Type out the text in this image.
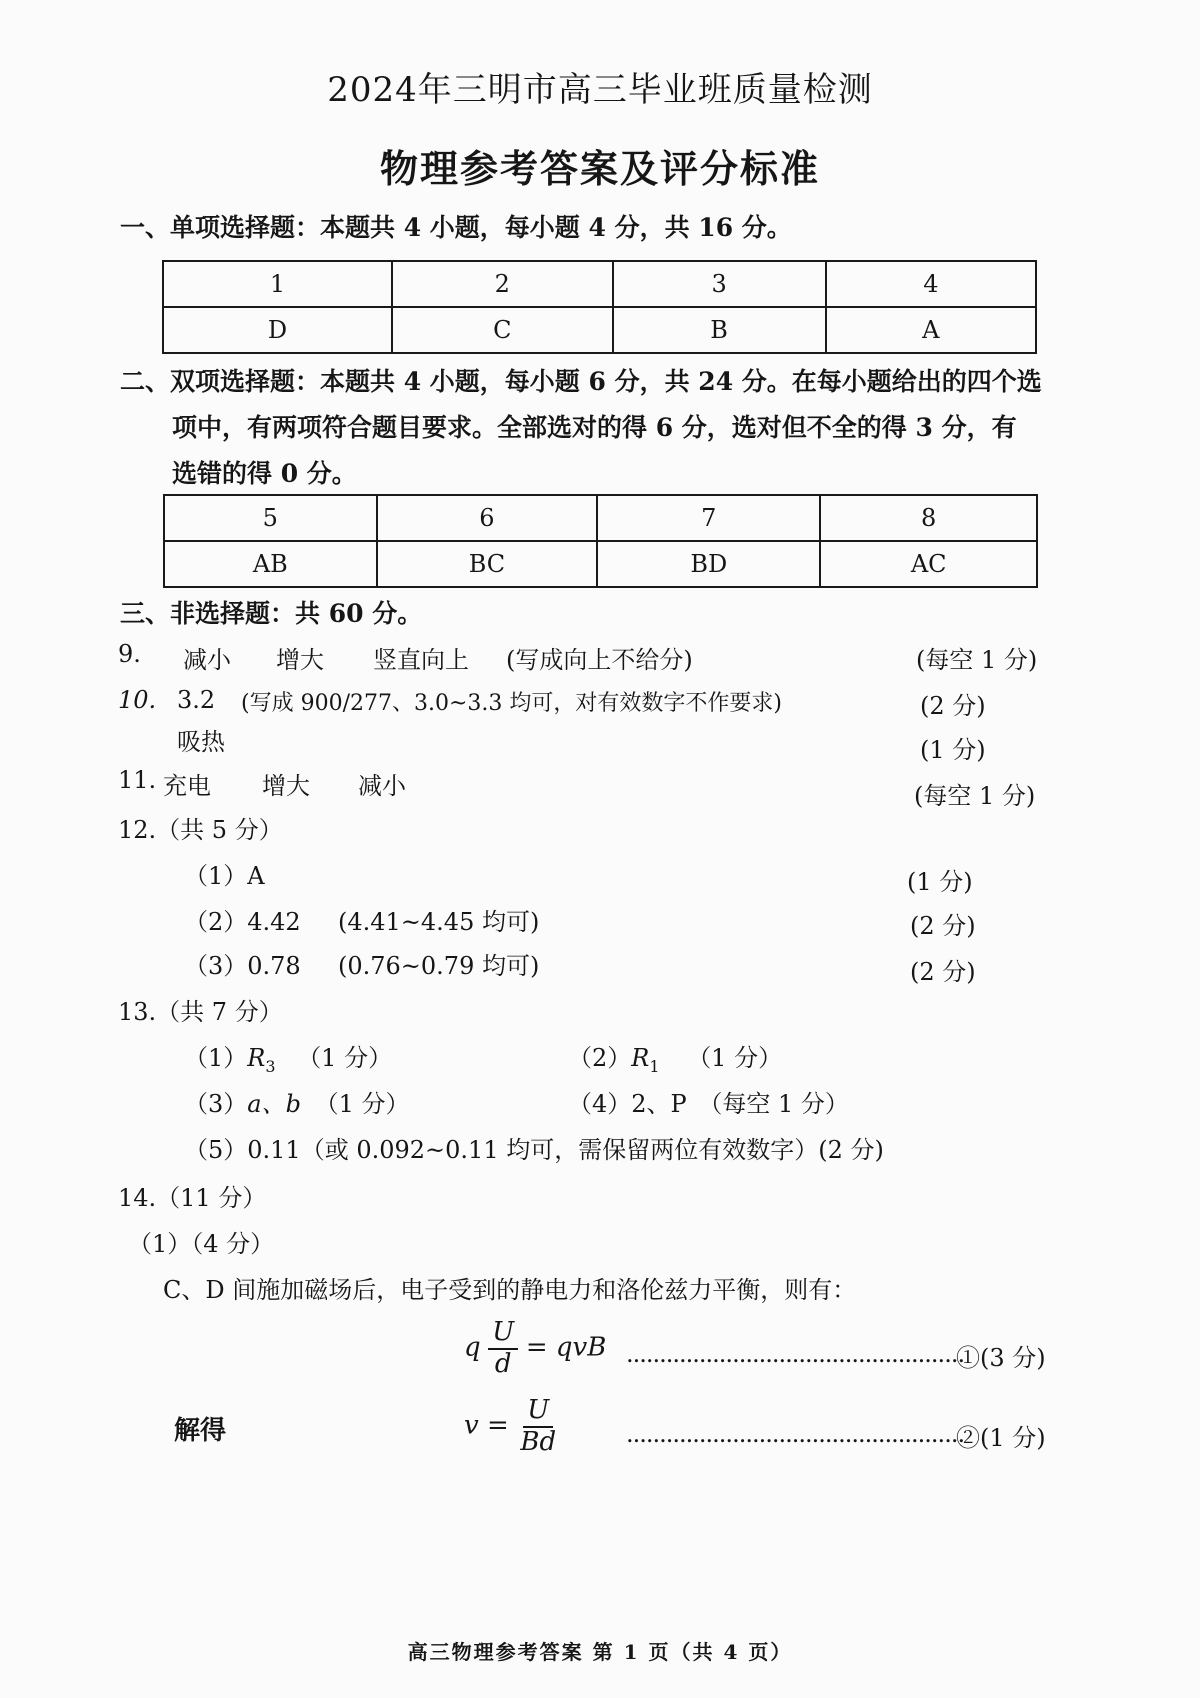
2024年三明市高三毕业班质量检测
物理参考答案及评分标准
一、单项选择题：本题共 4 小题，每小题 4 分，共 16 分。
1	2	3	4
D	C	B	A
二、双项选择题：本题共 4 小题，每小题 6 分，共 24 分。在每小题给出的四个选
项中，有两项符合题目要求。全部选对的得 6 分，选对但不全的得 3 分，有
选错的得 0 分。
5	6	7	8
AB	BC	BD	AC
三、非选择题：共 60 分。
9. 减小 增大 竖直向上 (写成向上不给分)	(每空 1 分)
10. 3.2 (写成 900/277、3.0~3.3 均可，对有效数字不作要求)	(2 分)
吸热	(1 分)
11. 充电 增大 减小	(每空 1 分)
12.（共 5 分）
（1）A	(1 分)
（2）4.42 (4.41~4.45 均可)	(2 分)
（3）0.78 (0.76~0.79 均可)	(2 分)
13.（共 7 分）
$(1)R_3$ （1 分）	$(2)R_1$ （1 分）
（3）a、b （1 分）	（4）2、P （每空 1 分）
（5）0.11（或 0.092~0.11 均可，需保留两位有效数字）(2 分)
14.（11 分）
（1）（4 分）
C、D 间施加磁场后，电子受到的静电力和洛伦兹力平衡，则有：
q $\frac{U}{d}$ = qvB ...................................................
①(3 分)
解得	$v = \frac{U}{Bd}$	...................................................
②(1 分)
高三物理参考答案 第 1 页（共 4 页）
